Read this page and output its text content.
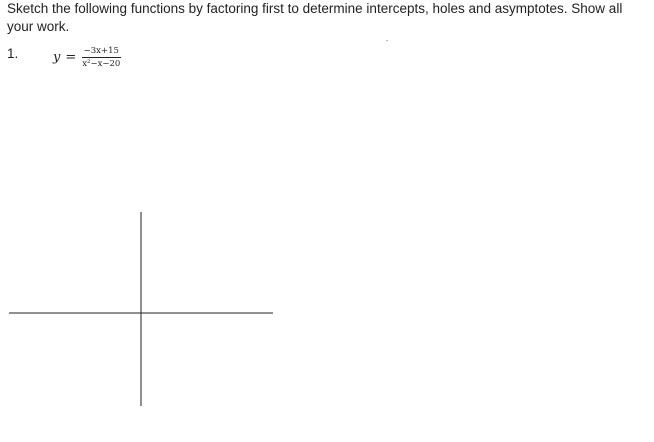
Sketch the following functions by factoring first to determine intercepts, holes and asymptotes. Show all your work.
1.	$y = \frac{-3x+15}{\text{x²−x−20}}$
